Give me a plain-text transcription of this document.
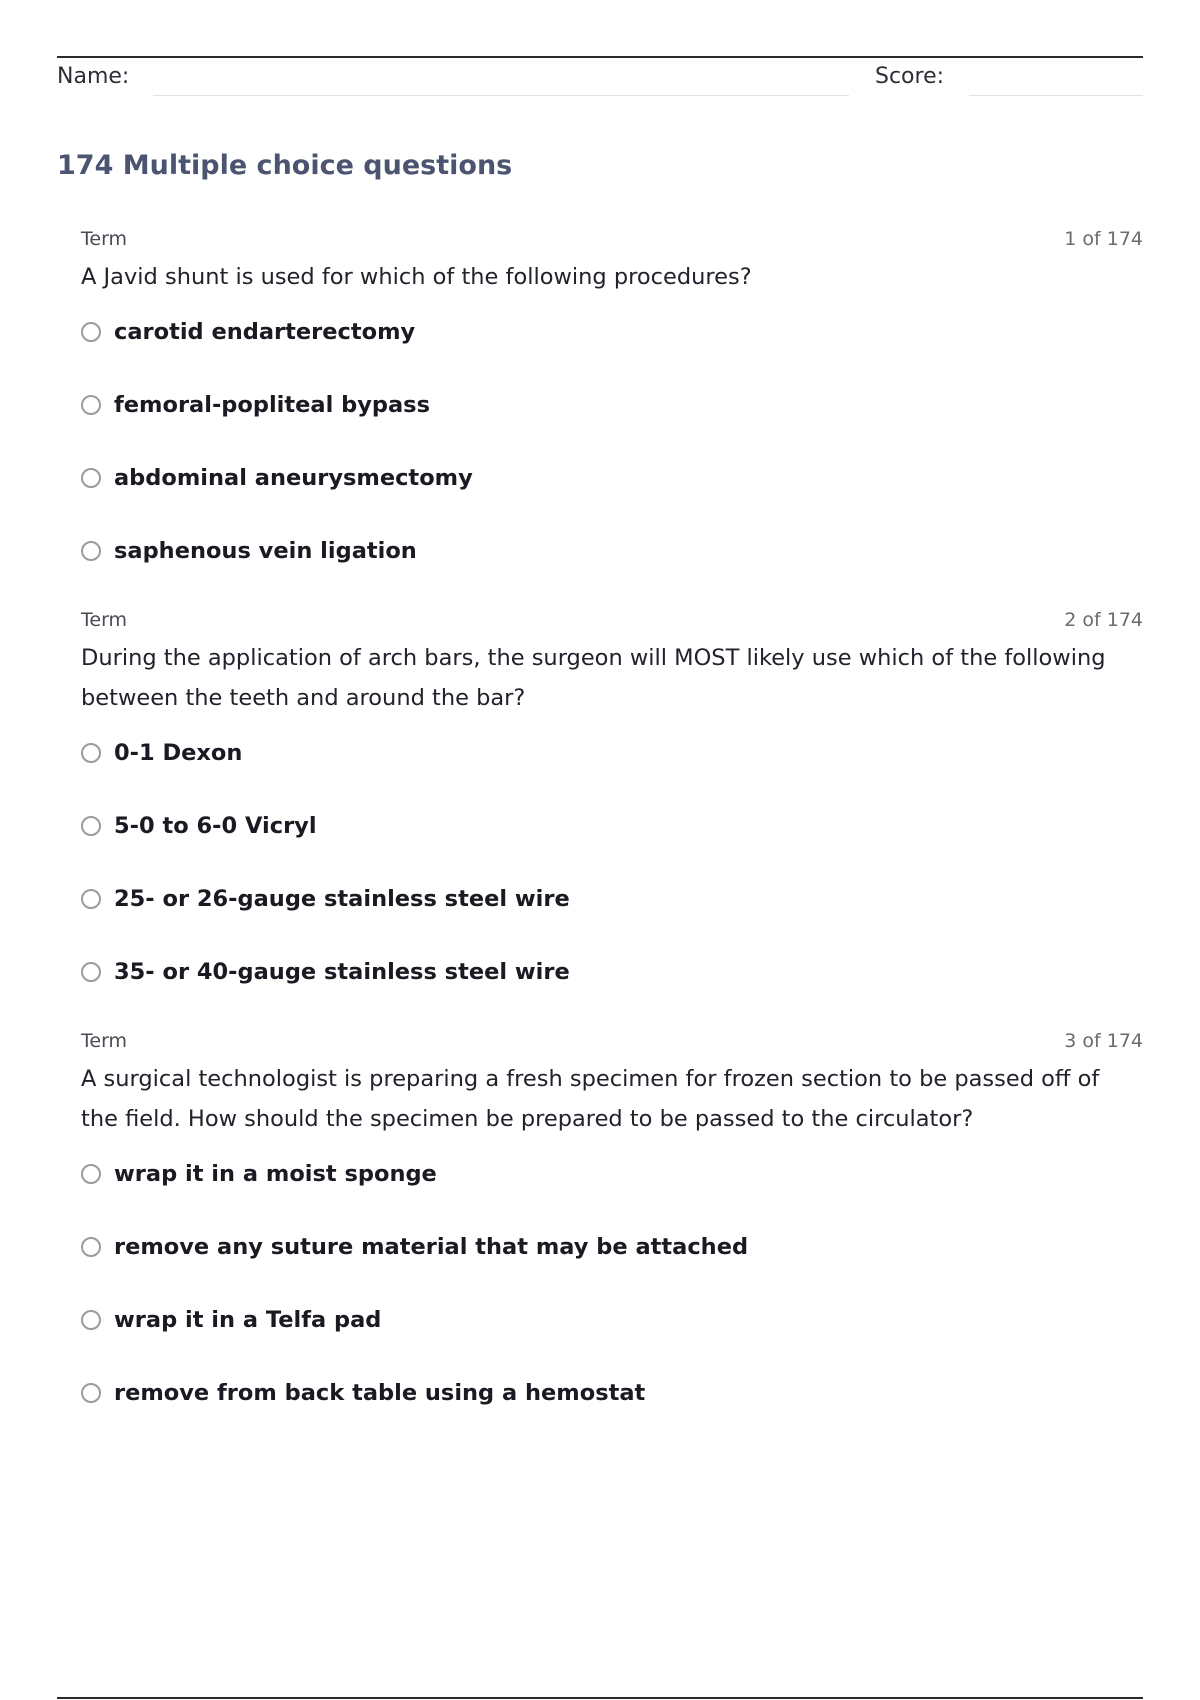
Name:	Score:
174 Multiple choice questions
Term	1 of 174

A Javid shunt is used for which of the following procedures?

carotid endarterectomy
femoral-popliteal bypass
abdominal aneurysmectomy
saphenous vein ligation
Term	2 of 174

During the application of arch bars, the surgeon will MOST likely use which of the following between the teeth and around the bar?

0-1 Dexon
5-0 to 6-0 Vicryl
25- or 26-gauge stainless steel wire
35- or 40-gauge stainless steel wire
Term	3 of 174

A surgical technologist is preparing a fresh specimen for frozen section to be passed off of the field. How should the specimen be prepared to be passed to the circulator?

wrap it in a moist sponge
remove any suture material that may be attached
wrap it in a Telfa pad
remove from back table using a hemostat
